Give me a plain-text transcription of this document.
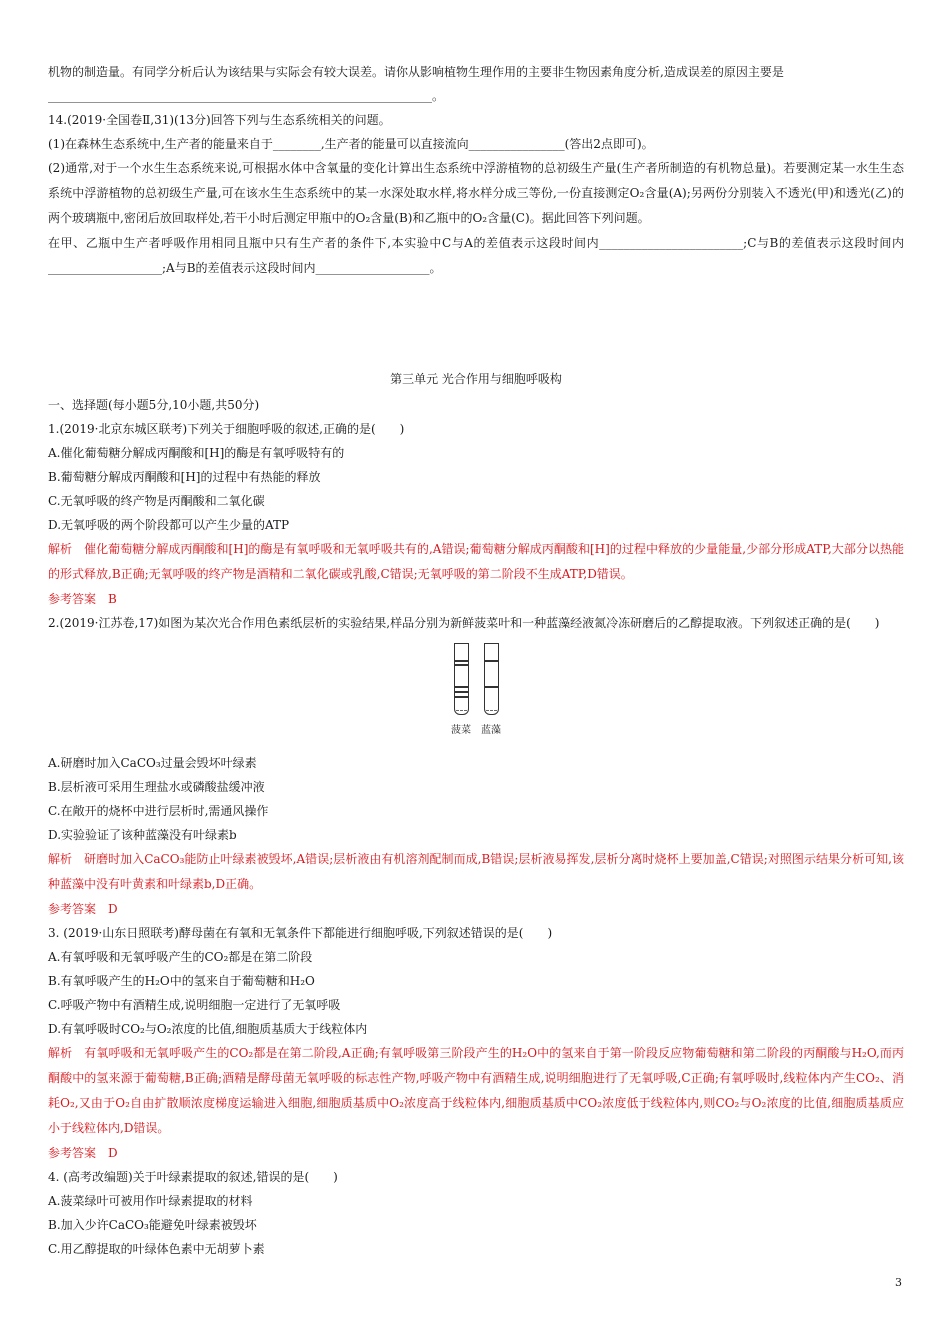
机物的制造量。有同学分析后认为该结果与实际会有较大误差。请你从影响植物生理作用的主要非生物因素角度分析,造成误差的原因主要是
________________________________________________________________。
14.(2019·全国卷Ⅱ,31)(13分)回答下列与生态系统相关的问题。
(1)在森林生态系统中,生产者的能量来自于________,生产者的能量可以直接流向________________(答出2点即可)。
(2)通常,对于一个水生生态系统来说,可根据水体中含氧量的变化计算出生态系统中浮游植物的总初级生产量(生产者所制造的有机物总量)。若要测定某一水生生态系统中浮游植物的总初级生产量,可在该水生生态系统中的某一水深处取水样,将水样分成三等份,一份直接测定O₂含量(A);另两份分别装入不透光(甲)和透光(乙)的两个玻璃瓶中,密闭后放回取样处,若干小时后测定甲瓶中的O₂含量(B)和乙瓶中的O₂含量(C)。据此回答下列问题。
在甲、乙瓶中生产者呼吸作用相同且瓶中只有生产者的条件下,本实验中C与A的差值表示这段时间内________________________;C与B的差值表示这段时间内___________________;A与B的差值表示这段时间内___________________。
第三单元 光合作用与细胞呼吸构
一、选择题(每小题5分,10小题,共50分)
1.(2019·北京东城区联考)下列关于细胞呼吸的叙述,正确的是(　　)
A.催化葡萄糖分解成丙酮酸和[H]的酶是有氧呼吸特有的
B.葡萄糖分解成丙酮酸和[H]的过程中有热能的释放
C.无氧呼吸的终产物是丙酮酸和二氧化碳
D.无氧呼吸的两个阶段都可以产生少量的ATP
解析　催化葡萄糖分解成丙酮酸和[H]的酶是有氧呼吸和无氧呼吸共有的,A错误;葡萄糖分解成丙酮酸和[H]的过程中释放的少量能量,少部分形成ATP,大部分以热能的形式释放,B正确;无氧呼吸的终产物是酒精和二氧化碳或乳酸,C错误;无氧呼吸的第二阶段不生成ATP,D错误。
参考答案　B
2.(2019·江苏卷,17)如图为某次光合作用色素纸层析的实验结果,样品分别为新鲜菠菜叶和一种蓝藻经液氮冷冻研磨后的乙醇提取液。下列叙述正确的是(　　)
菠菜	蓝藻
A.研磨时加入CaCO₃过量会毁坏叶绿素
B.层析液可采用生理盐水或磷酸盐缓冲液
C.在敞开的烧杯中进行层析时,需通风操作
D.实验验证了该种蓝藻没有叶绿素b
解析　研磨时加入CaCO₃能防止叶绿素被毁坏,A错误;层析液由有机溶剂配制而成,B错误;层析液易挥发,层析分离时烧杯上要加盖,C错误;对照图示结果分析可知,该种蓝藻中没有叶黄素和叶绿素b,D正确。
参考答案　D
3. (2019·山东日照联考)酵母菌在有氧和无氧条件下都能进行细胞呼吸,下列叙述错误的是(　　)
A.有氧呼吸和无氧呼吸产生的CO₂都是在第二阶段
B.有氧呼吸产生的H₂O中的氢来自于葡萄糖和H₂O
C.呼吸产物中有酒精生成,说明细胞一定进行了无氧呼吸
D.有氧呼吸时CO₂与O₂浓度的比值,细胞质基质大于线粒体内
解析　有氧呼吸和无氧呼吸产生的CO₂都是在第二阶段,A正确;有氧呼吸第三阶段产生的H₂O中的氢来自于第一阶段反应物葡萄糖和第二阶段的丙酮酸与H₂O,而丙酮酸中的氢来源于葡萄糖,B正确;酒精是酵母菌无氧呼吸的标志性产物,呼吸产物中有酒精生成,说明细胞进行了无氧呼吸,C正确;有氧呼吸时,线粒体内产生CO₂、消耗O₂,又由于O₂自由扩散顺浓度梯度运输进入细胞,细胞质基质中O₂浓度高于线粒体内,细胞质基质中CO₂浓度低于线粒体内,则CO₂与O₂浓度的比值,细胞质基质应小于线粒体内,D错误。
参考答案　D
4. (高考改编题)关于叶绿素提取的叙述,错误的是(　　)
A.菠菜绿叶可被用作叶绿素提取的材料
B.加入少许CaCO₃能避免叶绿素被毁坏
C.用乙醇提取的叶绿体色素中无胡萝卜素
3
